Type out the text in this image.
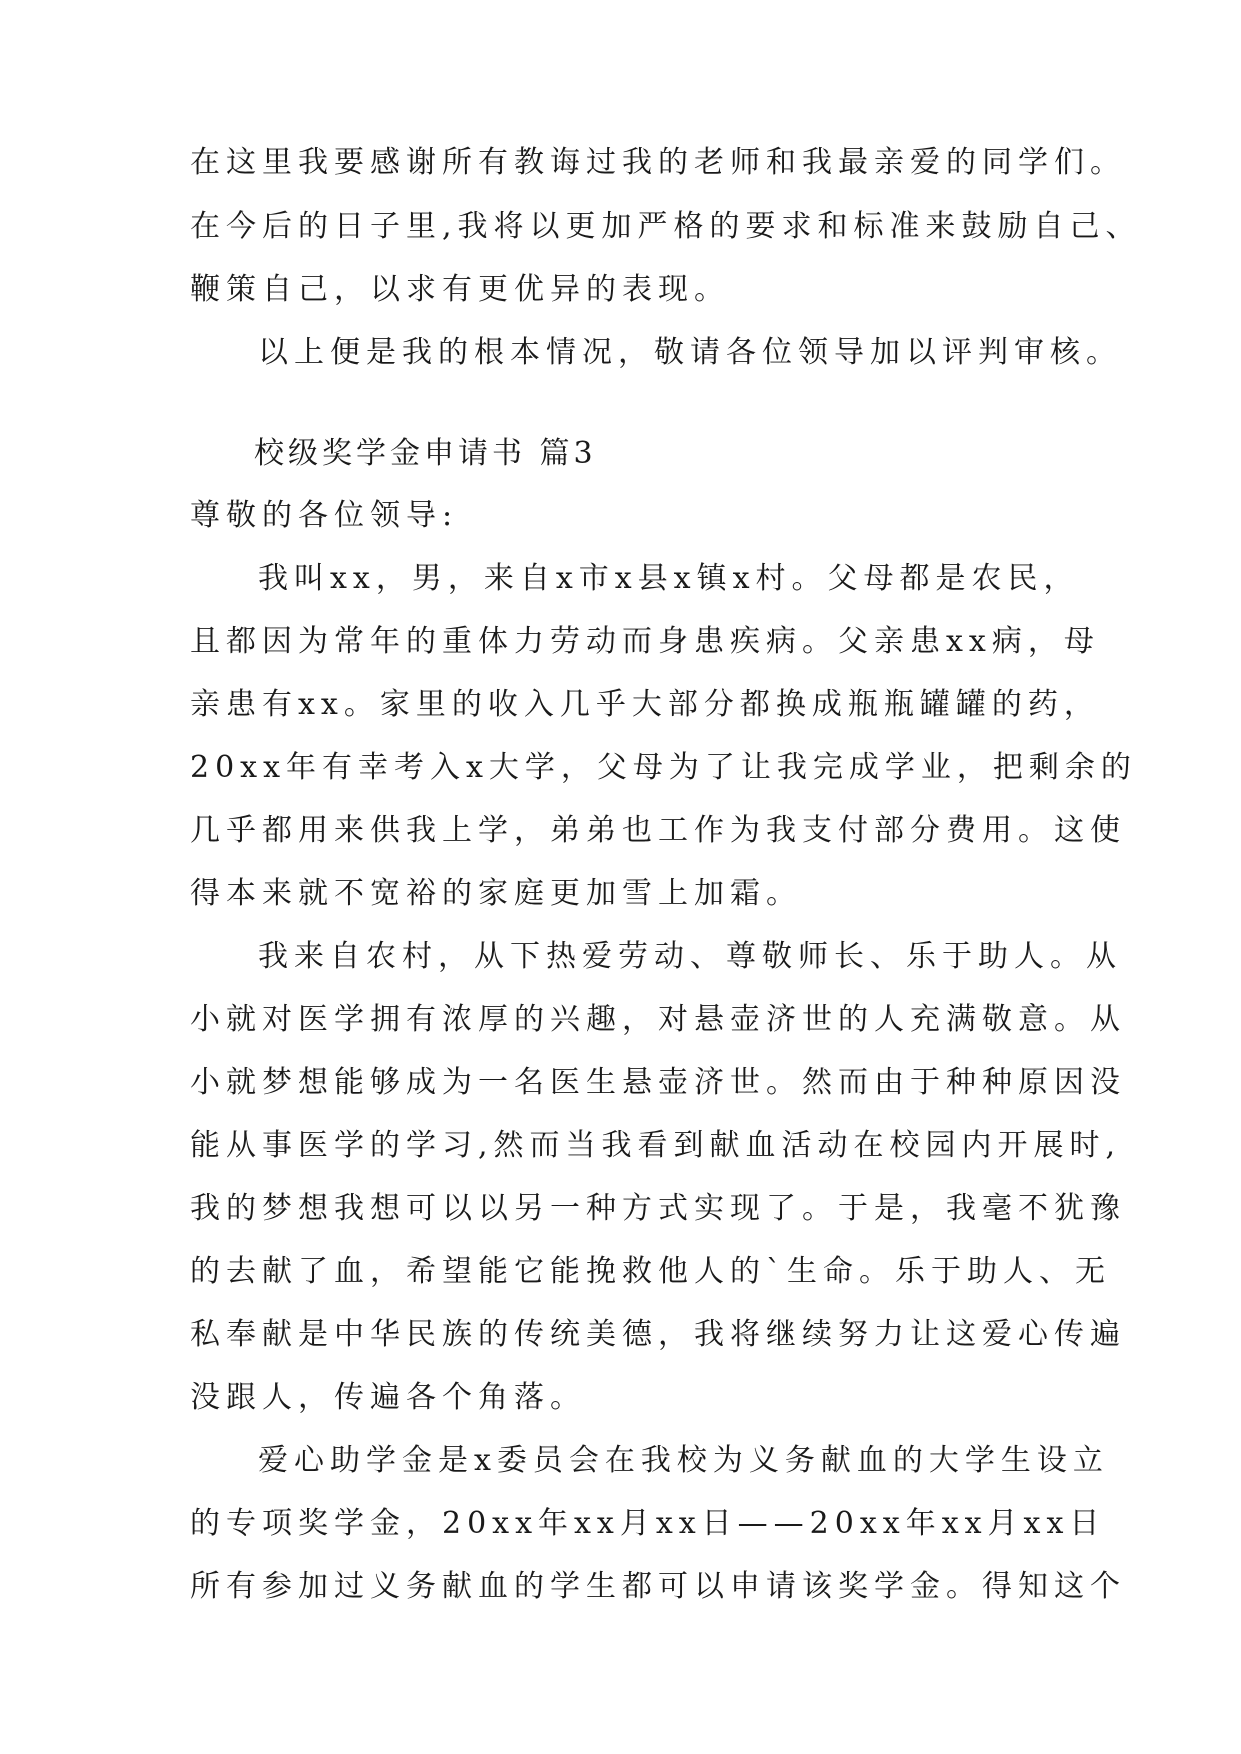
在这里我要感谢所有教诲过我的老师和我最亲爱的同学们。

在今后的日子里,我将以更加严格的要求和标准来鼓励自己、

鞭策自己，以求有更优异的表现。

以上便是我的根本情况，敬请各位领导加以评判审核。

校级奖学金申请书 篇3

尊敬的各位领导:

我叫xx，男，来自x市x县x镇x村。父母都是农民，

且都因为常年的重体力劳动而身患疾病。父亲患xx病，母

亲患有xx。家里的收入几乎大部分都换成瓶瓶罐罐的药，

20xx年有幸考入x大学，父母为了让我完成学业，把剩余的

几乎都用来供我上学，弟弟也工作为我支付部分费用。这使

得本来就不宽裕的家庭更加雪上加霜。

我来自农村，从下热爱劳动、尊敬师长、乐于助人。从

小就对医学拥有浓厚的兴趣，对悬壶济世的人充满敬意。从

小就梦想能够成为一名医生悬壶济世。然而由于种种原因没

能从事医学的学习,然而当我看到献血活动在校园内开展时,

我的梦想我想可以以另一种方式实现了。于是，我毫不犹豫

的去献了血，希望能它能挽救他人的`生命。乐于助人、无

私奉献是中华民族的传统美德，我将继续努力让这爱心传遍

没跟人，传遍各个角落。

爱心助学金是x委员会在我校为义务献血的大学生设立

的专项奖学金，20xx年xx月xx日——20xx年xx月xx日

所有参加过义务献血的学生都可以申请该奖学金。得知这个
